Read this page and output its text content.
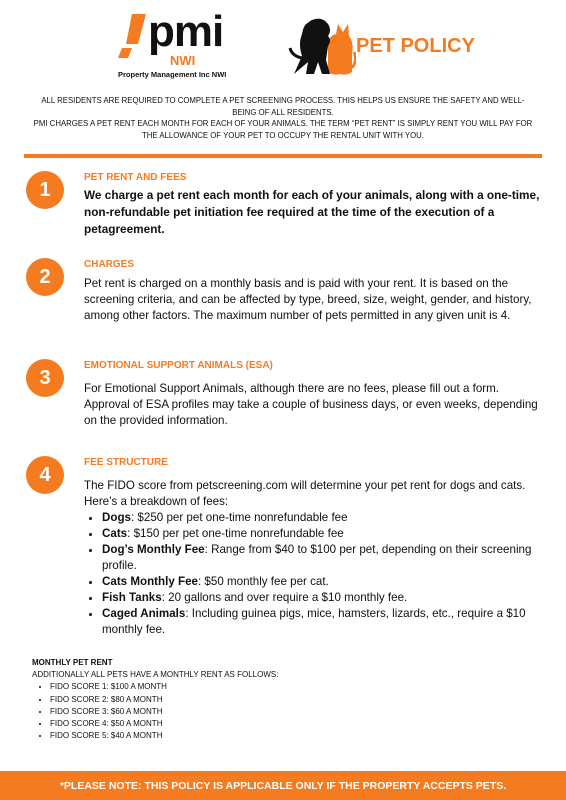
pmi
NWI
Property Management Inc NWI
PET POLICY
ALL RESIDENTS ARE REQUIRED TO COMPLETE A PET SCREENING PROCESS. THIS HELPS US ENSURE THE SAFETY AND WELL-BEING OF ALL RESIDENTS.
PMI CHARGES A PET RENT EACH MONTH FOR EACH OF YOUR ANIMALS. THE TERM “PET RENT” IS SIMPLY RENT YOU WILL PAY FOR THE ALLOWANCE OF YOUR PET TO OCCUPY THE RENTAL UNIT WITH YOU.
1
PET RENT AND FEES
We charge a pet rent each month for each of your animals, along with a one-time, non-refundable pet initiation fee required at the time of the execution of a petagreement.
2
CHARGES
Pet rent is charged on a monthly basis and is paid with your rent. It is based on the screening criteria, and can be affected by type, breed, size, weight, gender, and history, among other factors. The maximum number of pets permitted in any given unit is 4.
3
EMOTIONAL SUPPORT ANIMALS (ESA)
For Emotional Support Animals, although there are no fees, please fill out a form. Approval of ESA profiles may take a couple of business days, or even weeks, depending on the provided information.
4
FEE STRUCTURE
The FIDO score from petscreening.com will determine your pet rent for dogs and cats. Here’s a breakdown of fees:
• Dogs: $250 per pet one-time nonrefundable fee
• Cats: $150 per pet one-time nonrefundable fee
• Dog’s Monthly Fee: Range from $40 to $100 per pet, depending on their screening profile.
• Cats Monthly Fee: $50 monthly fee per cat.
• Fish Tanks: 20 gallons and over require a $10 monthly fee.
• Caged Animals: Including guinea pigs, mice, hamsters, lizards, etc., require a $10 monthly fee.
MONTHLY PET RENT
ADDITIONALLY ALL PETS HAVE A MONTHLY RENT AS FOLLOWS:
• FIDO SCORE 1: $100 A MONTH
• FIDO SCORE 2: $80 A MONTH
• FIDO SCORE 3: $60 A MONTH
• FIDO SCORE 4: $50 A MONTH
• FIDO SCORE 5: $40 A MONTH
*PLEASE NOTE: THIS POLICY IS APPLICABLE ONLY IF THE PROPERTY ACCEPTS PETS.
